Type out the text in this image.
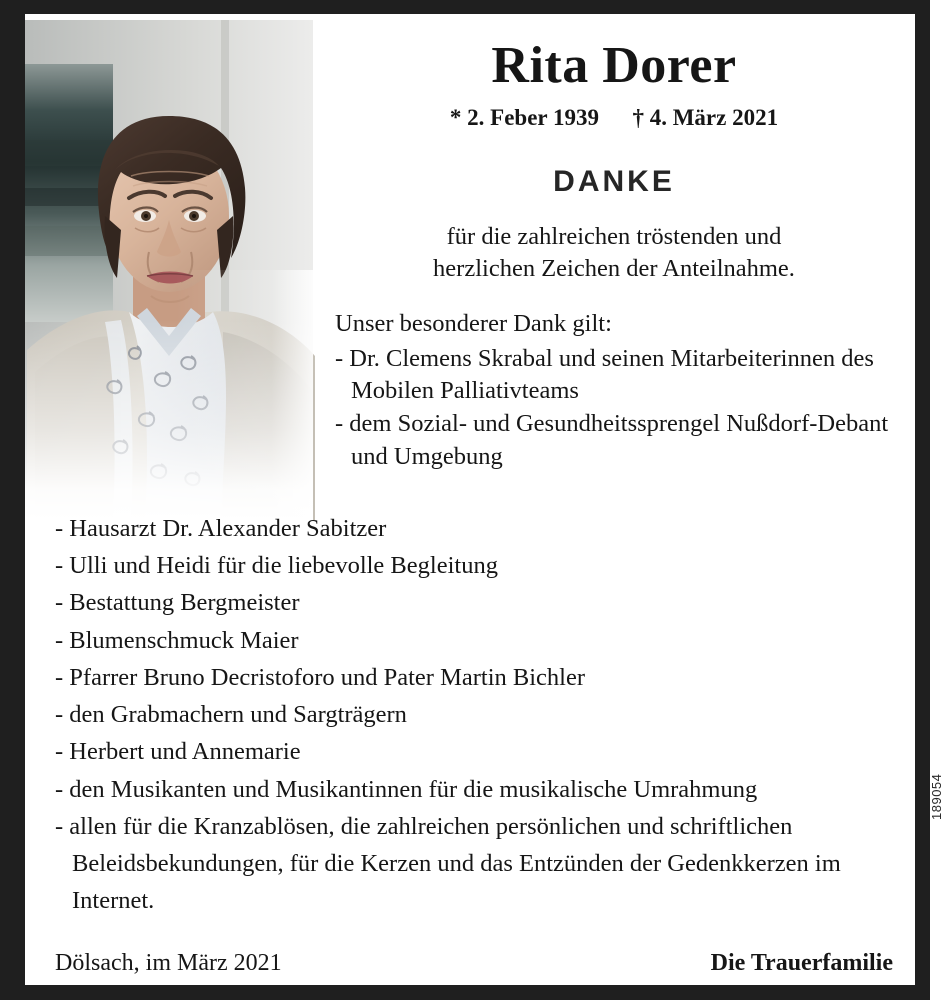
Rita Dorer
* 2. Feber 1939 † 4. März 2021
DANKE
für die zahlreichen tröstenden und
herzlichen Zeichen der Anteilnahme.
Unser besonderer Dank gilt:
- Dr. Clemens Skrabal und seinen Mitarbeiterinnen des Mobilen Palliativteams
- dem Sozial- und Gesundheitssprengel Nußdorf-Debant und Umgebung
- Hausarzt Dr. Alexander Sabitzer
- Ulli und Heidi für die liebevolle Begleitung
- Bestattung Bergmeister
- Blumenschmuck Maier
- Pfarrer Bruno Decristoforo und Pater Martin Bichler
- den Grabmachern und Sargträgern
- Herbert und Annemarie
- den Musikanten und Musikantinnen für die musikalische Umrahmung
- allen für die Kranzablösen, die zahlreichen persönlichen und schriftlichen Beleidsbekundungen, für die Kerzen und das Entzünden der Gedenkkerzen im Internet.
Dölsach, im März 2021	Die Trauerfamilie
189054
